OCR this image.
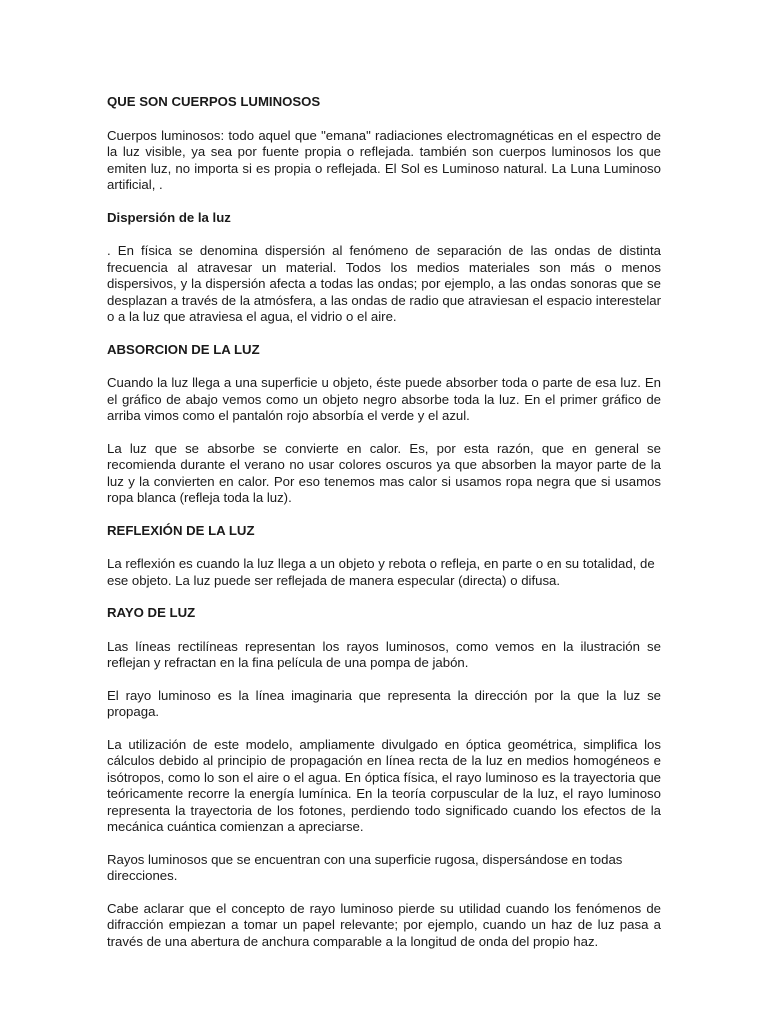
QUE SON CUERPOS LUMINOSOS
Cuerpos luminosos: todo aquel que "emana" radiaciones electromagnéticas en el espectro de la luz visible, ya sea por fuente propia o reflejada. también son cuerpos luminosos los que emiten luz, no importa si es propia o reflejada. El Sol es Luminoso natural. La Luna Luminoso artificial, .
Dispersión de la luz
. En física se denomina dispersión al fenómeno de separación de las ondas de distinta frecuencia al atravesar un material. Todos los medios materiales son más o menos dispersivos, y la dispersión afecta a todas las ondas; por ejemplo, a las ondas sonoras que se desplazan a través de la atmósfera, a las ondas de radio que atraviesan el espacio interestelar o a la luz que atraviesa el agua, el vidrio o el aire.
ABSORCION DE LA LUZ
Cuando la luz llega a una superficie u objeto, éste puede absorber toda o parte de esa luz. En el gráfico de abajo vemos como un objeto negro absorbe toda la luz. En el primer gráfico de arriba vimos como el pantalón rojo absorbía el verde y el azul.
La luz que se absorbe se convierte en calor. Es, por esta razón, que en general se recomienda durante el verano no usar colores oscuros ya que absorben la mayor parte de la luz y la convierten en calor. Por eso tenemos mas calor si usamos ropa negra que si usamos ropa blanca (refleja toda la luz).
REFLEXIÓN DE LA LUZ
La reflexión es cuando la luz llega a un objeto y rebota o refleja, en parte o en su totalidad, de ese objeto. La luz puede ser reflejada de manera especular (directa) o difusa.
RAYO DE LUZ
Las líneas rectilíneas representan los rayos luminosos, como vemos en la ilustración se reflejan y refractan en la fina película de una pompa de jabón.
El rayo luminoso es la línea imaginaria que representa la dirección por la que la luz se propaga.
La utilización de este modelo, ampliamente divulgado en óptica geométrica, simplifica los cálculos debido al principio de propagación en línea recta de la luz en medios homogéneos e isótropos, como lo son el aire o el agua. En óptica física, el rayo luminoso es la trayectoria que teóricamente recorre la energía lumínica. En la teoría corpuscular de la luz, el rayo luminoso representa la trayectoria de los fotones, perdiendo todo significado cuando los efectos de la mecánica cuántica comienzan a apreciarse.
Rayos luminosos que se encuentran con una superficie rugosa, dispersándose en todas direcciones.
Cabe aclarar que el concepto de rayo luminoso pierde su utilidad cuando los fenómenos de difracción empiezan a tomar un papel relevante; por ejemplo, cuando un haz de luz pasa a través de una abertura de anchura comparable a la longitud de onda del propio haz.
